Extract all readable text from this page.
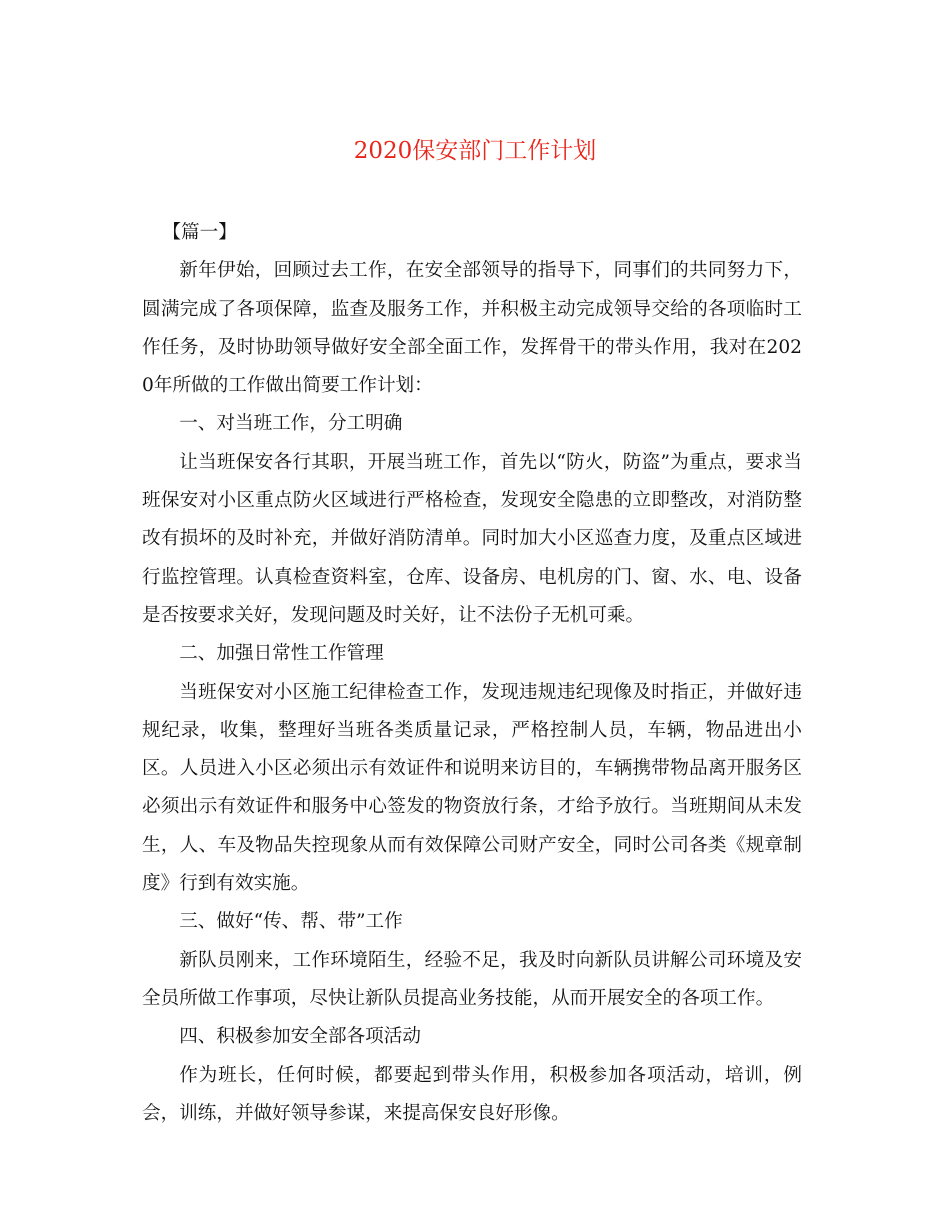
2020保安部门工作计划

【篇一】

新年伊始，回顾过去工作，在安全部领导的指导下，同事们的共同努力下，圆满完成了各项保障，监查及服务工作，并积极主动完成领导交给的各项临时工作任务，及时协助领导做好安全部全面工作，发挥骨干的带头作用，我对在2020年所做的工作做出简要工作计划：

一、对当班工作，分工明确

让当班保安各行其职，开展当班工作，首先以“防火，防盗”为重点，要求当班保安对小区重点防火区域进行严格检查，发现安全隐患的立即整改，对消防整改有损坏的及时补充，并做好消防清单。同时加大小区巡查力度，及重点区域进行监控管理。认真检查资料室，仓库、设备房、电机房的门、窗、水、电、设备是否按要求关好，发现问题及时关好，让不法份子无机可乘。

二、加强日常性工作管理

当班保安对小区施工纪律检查工作，发现违规违纪现像及时指正，并做好违规纪录，收集，整理好当班各类质量记录，严格控制人员，车辆，物品进出小区。人员进入小区必须出示有效证件和说明来访目的，车辆携带物品离开服务区必须出示有效证件和服务中心签发的物资放行条，才给予放行。当班期间从未发生，人、车及物品失控现象从而有效保障公司财产安全，同时公司各类《规章制度》行到有效实施。

三、做好“传、帮、带”工作

新队员刚来，工作环境陌生，经验不足，我及时向新队员讲解公司环境及安全员所做工作事项，尽快让新队员提高业务技能，从而开展安全的各项工作。

四、积极参加安全部各项活动

作为班长，任何时候，都要起到带头作用，积极参加各项活动，培训，例会，训练，并做好领导参谋，来提高保安良好形像。
